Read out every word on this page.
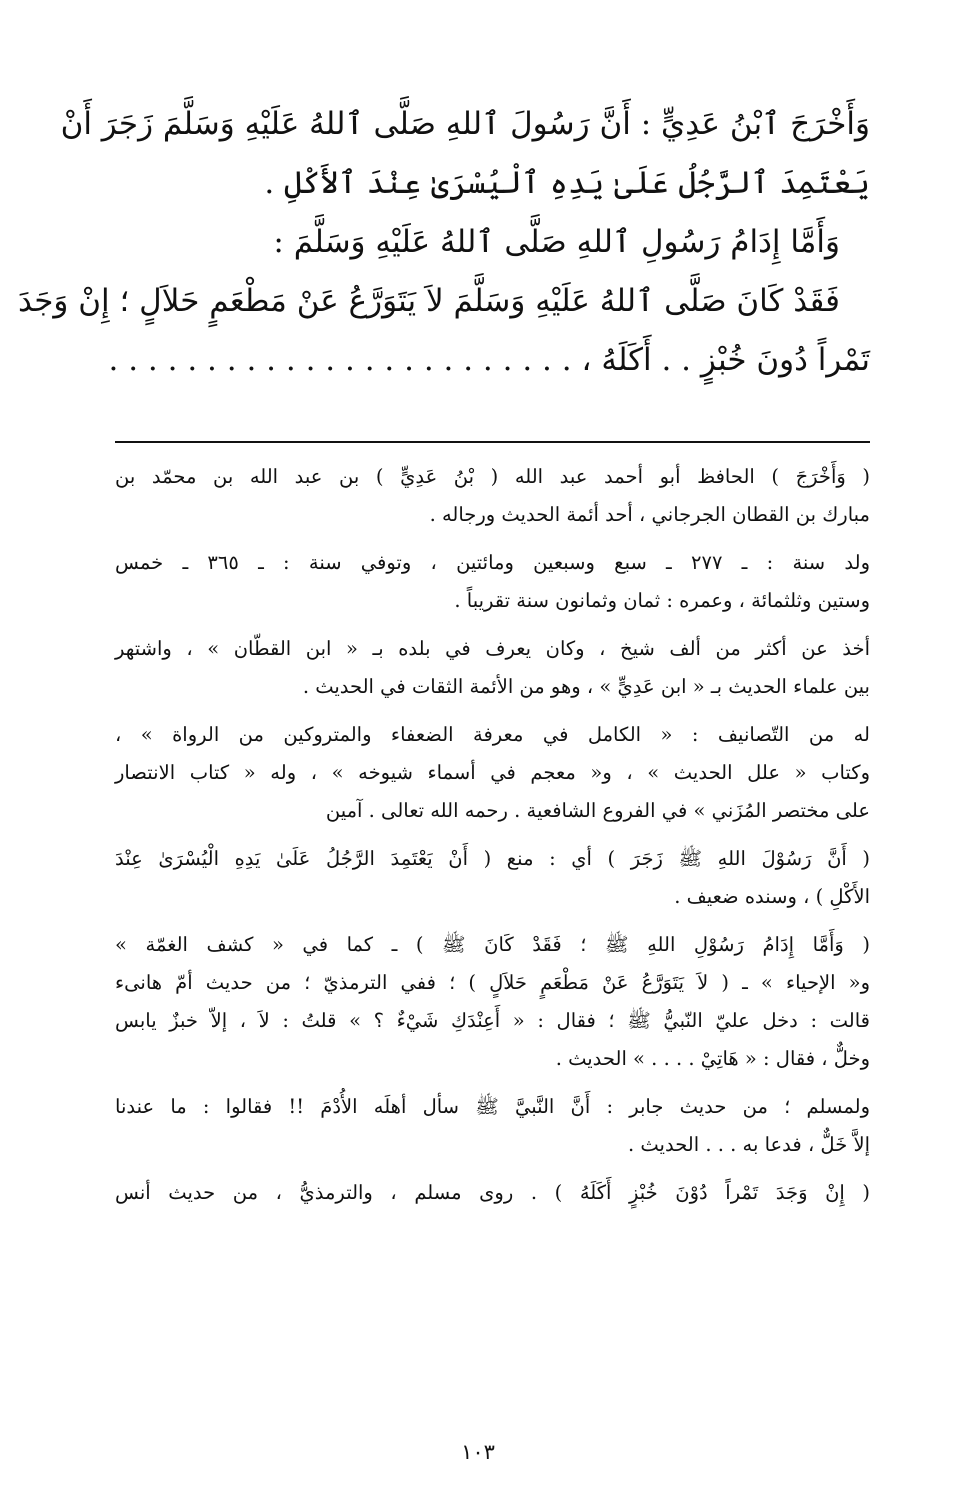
وَأَخْرَجَ ٱبْنُ عَدِيٍّ : أَنَّ رَسُولَ ٱللهِ صَلَّى ٱللهُ عَلَيْهِ وَسَلَّمَ زَجَرَ أَنْ

يَعْتَمِدَ ٱلرَّجُلُ عَلَىٰ يَدِهِ ٱلْيُسْرَىٰ عِنْدَ ٱلأَكْلِ .

وَأَمَّا إِدَامُ رَسُولِ ٱللهِ صَلَّى ٱللهُ عَلَيْهِ وَسَلَّمَ :

فَقَدْ كَانَ صَلَّى ٱللهُ عَلَيْهِ وَسَلَّمَ لاَ يَتَوَرَّعُ عَنْ مَطْعَمٍ حَلاَلٍ ؛ إِنْ وَجَدَ

تَمْراً دُونَ خُبْزٍ . . أَكَلَهُ ، . . . . . . . . . . . . . . . . . . . . . . . .

( وَأَخْرَجَ ) الحافظ أبو أحمد عبد الله ( بْنُ عَدِيٍّ ) بن عبد الله بن محمّد بن
مبارك بن القطان الجرجاني ، أحد أئمة الحديث ورجاله .

ولد سنة : ـ ٢٧٧ ـ سبع وسبعين ومائتين ، وتوفي سنة : ـ ٣٦٥ ـ خمس
وستين وثلثمائة ، وعمره : ثمان وثمانون سنة تقريباً .

أخذ عن أكثر من ألف شيخ ، وكان يعرف في بلده بـ « ابن القطّان » ، واشتهر
بين علماء الحديث بـ « ابن عَدِيٍّ » ، وهو من الأئمة الثقات في الحديث .

له من التّصانيف : « الكامل في معرفة الضعفاء والمتروكين من الرواة » ،
وكتاب « علل الحديث » ، و« معجم في أسماء شيوخه » ، وله « كتاب الانتصار
على مختصر المُزَني » في الفروع الشافعية . رحمه الله تعالى . آمين

( أَنَّ رَسُوْلَ اللهِ ﷺ زَجَرَ ) أي : منع ( أَنْ يَعْتَمِدَ الرَّجُلُ عَلَىٰ يَدِهِ الْيُسْرَىٰ عِنْدَ
الأَكْلِ ) ، وسنده ضعيف .

( وَأَمَّا إِدَامُ رَسُوْلِ اللهِ ﷺ ؛ فَقَدْ كَانَ ﷺ ) ـ كما في « كشف الغمّة »
و« الإحياء » ـ ( لاَ يَتَوَرَّعُ عَنْ مَطْعَمٍ حَلاَلٍ ) ؛ ففي الترمذيّ ؛ من حديث أمّ هانىء
قالت : دخل عليّ النّبيُّ ﷺ ؛ فقال : « أَعِنْدَكِ شَيْءٌ ؟ » قلتُ : لاَ ، إلاّ خبزٌ يابس
وخلٌّ ، فقال : « هَاتِيْ . . . . » الحديث .

ولمسلم ؛ من حديث جابر : أَنَّ النَّبيَّ ﷺ سأل أهلَه الأُدْمَ !! فقالوا : ما عندنا
إلاَّ خَلٌّ ، فدعا به . . . الحديث .

( إِنْ وَجَدَ تَمْراً دُوْنَ خُبْزٍ أَكَلَهُ ) . روى مسلم ، والترمذيُّ ، من حديث أنس

١٠٣
